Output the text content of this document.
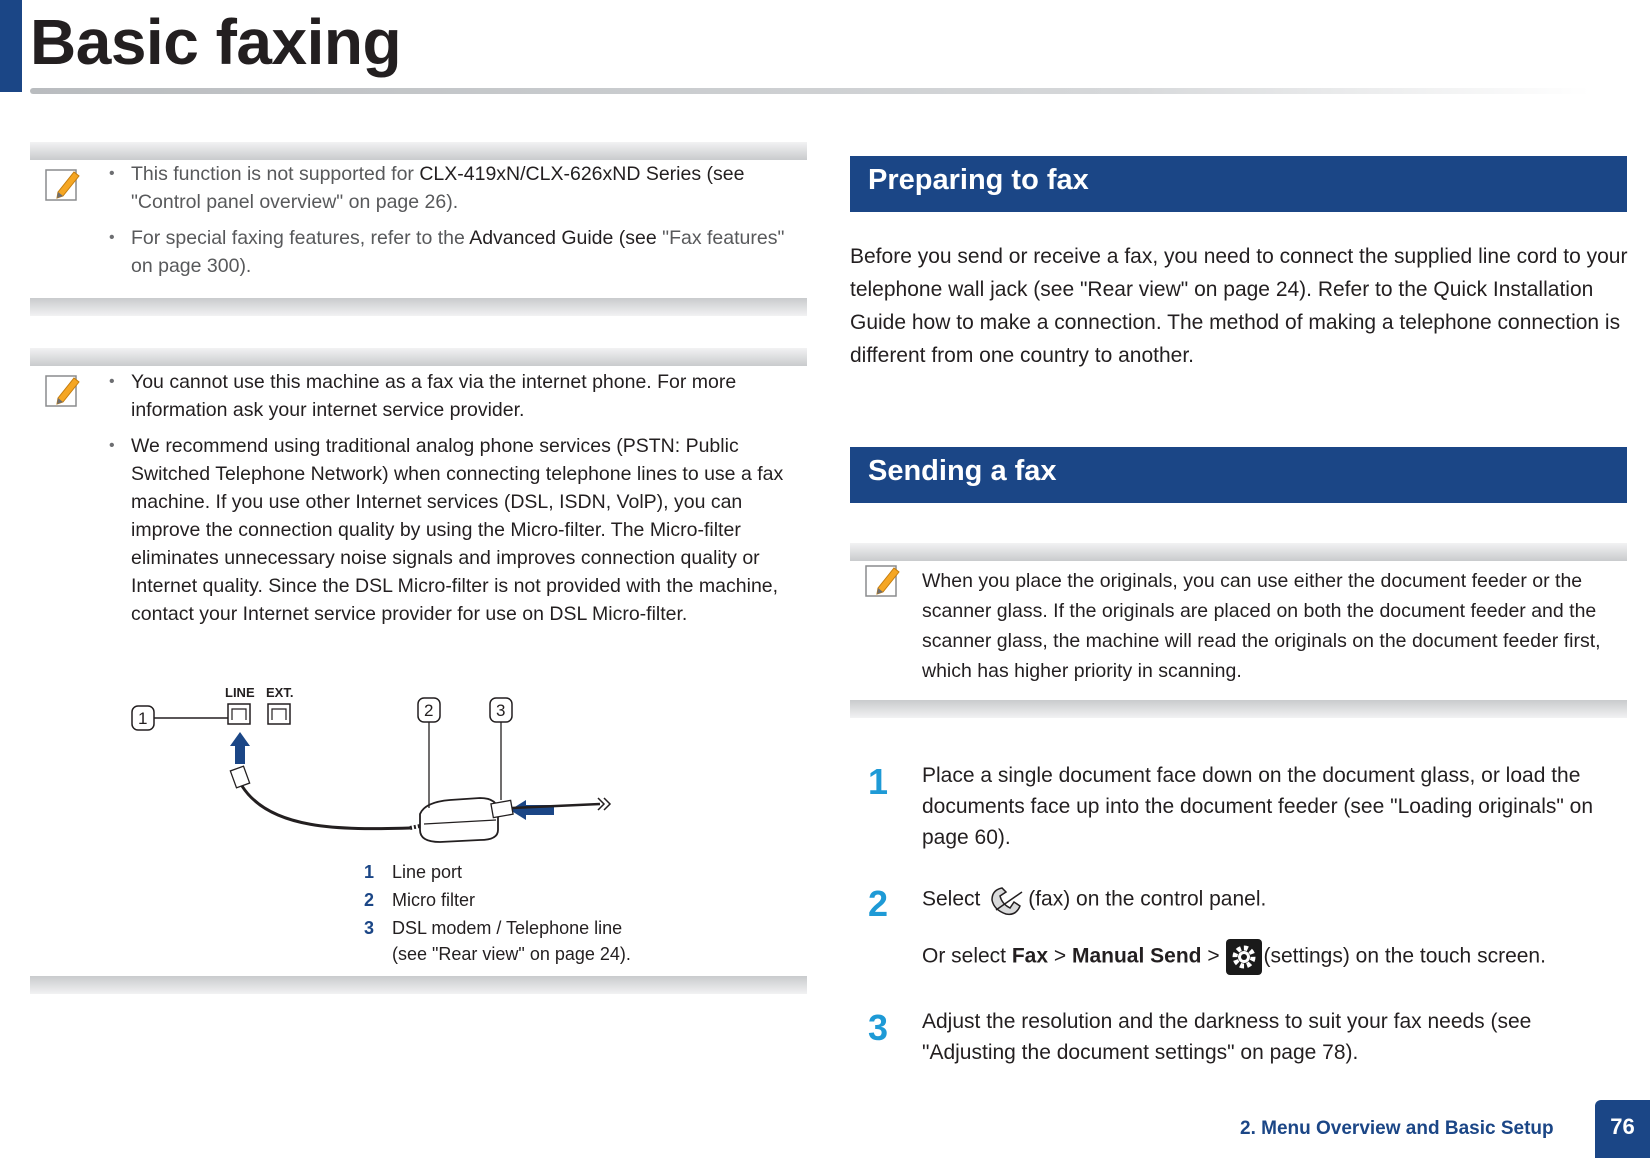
Basic faxing
• This function is not supported for CLX-419xN/CLX-626xND Series (see "Control panel overview" on page 26).
• For special faxing features, refer to the Advanced Guide (see "Fax features" on page 300).
• You cannot use this machine as a fax via the internet phone. For more information ask your internet service provider.
• We recommend using traditional analog phone services (PSTN: Public Switched Telephone Network) when connecting telephone lines to use a fax machine. If you use other Internet services (DSL, ISDN, VolP), you can improve the connection quality by using the Micro-filter. The Micro-filter eliminates unnecessary noise signals and improves connection quality or Internet quality. Since the DSL Micro-filter is not provided with the machine, contact your Internet service provider for use on DSL Micro-filter.
LINE EXT.
1	2	3
1 Line port
2 Micro filter
3 DSL modem / Telephone line
(see "Rear view" on page 24).
Preparing to fax
Before you send or receive a fax, you need to connect the supplied line cord to your telephone wall jack (see "Rear view" on page 24). Refer to the Quick Installation Guide how to make a connection. The method of making a telephone connection is different from one country to another.
Sending a fax
When you place the originals, you can use either the document feeder or the scanner glass. If the originals are placed on both the document feeder and the scanner glass, the machine will read the originals on the document feeder first, which has higher priority in scanning.
1 Place a single document face down on the document glass, or load the documents face up into the document feeder (see "Loading originals" on page 60).
2 Select (fax) on the control panel.
Or select Fax > Manual Send > (settings) on the touch screen.
3 Adjust the resolution and the darkness to suit your fax needs (see "Adjusting the document settings" on page 78).
2. Menu Overview and Basic Setup	76
